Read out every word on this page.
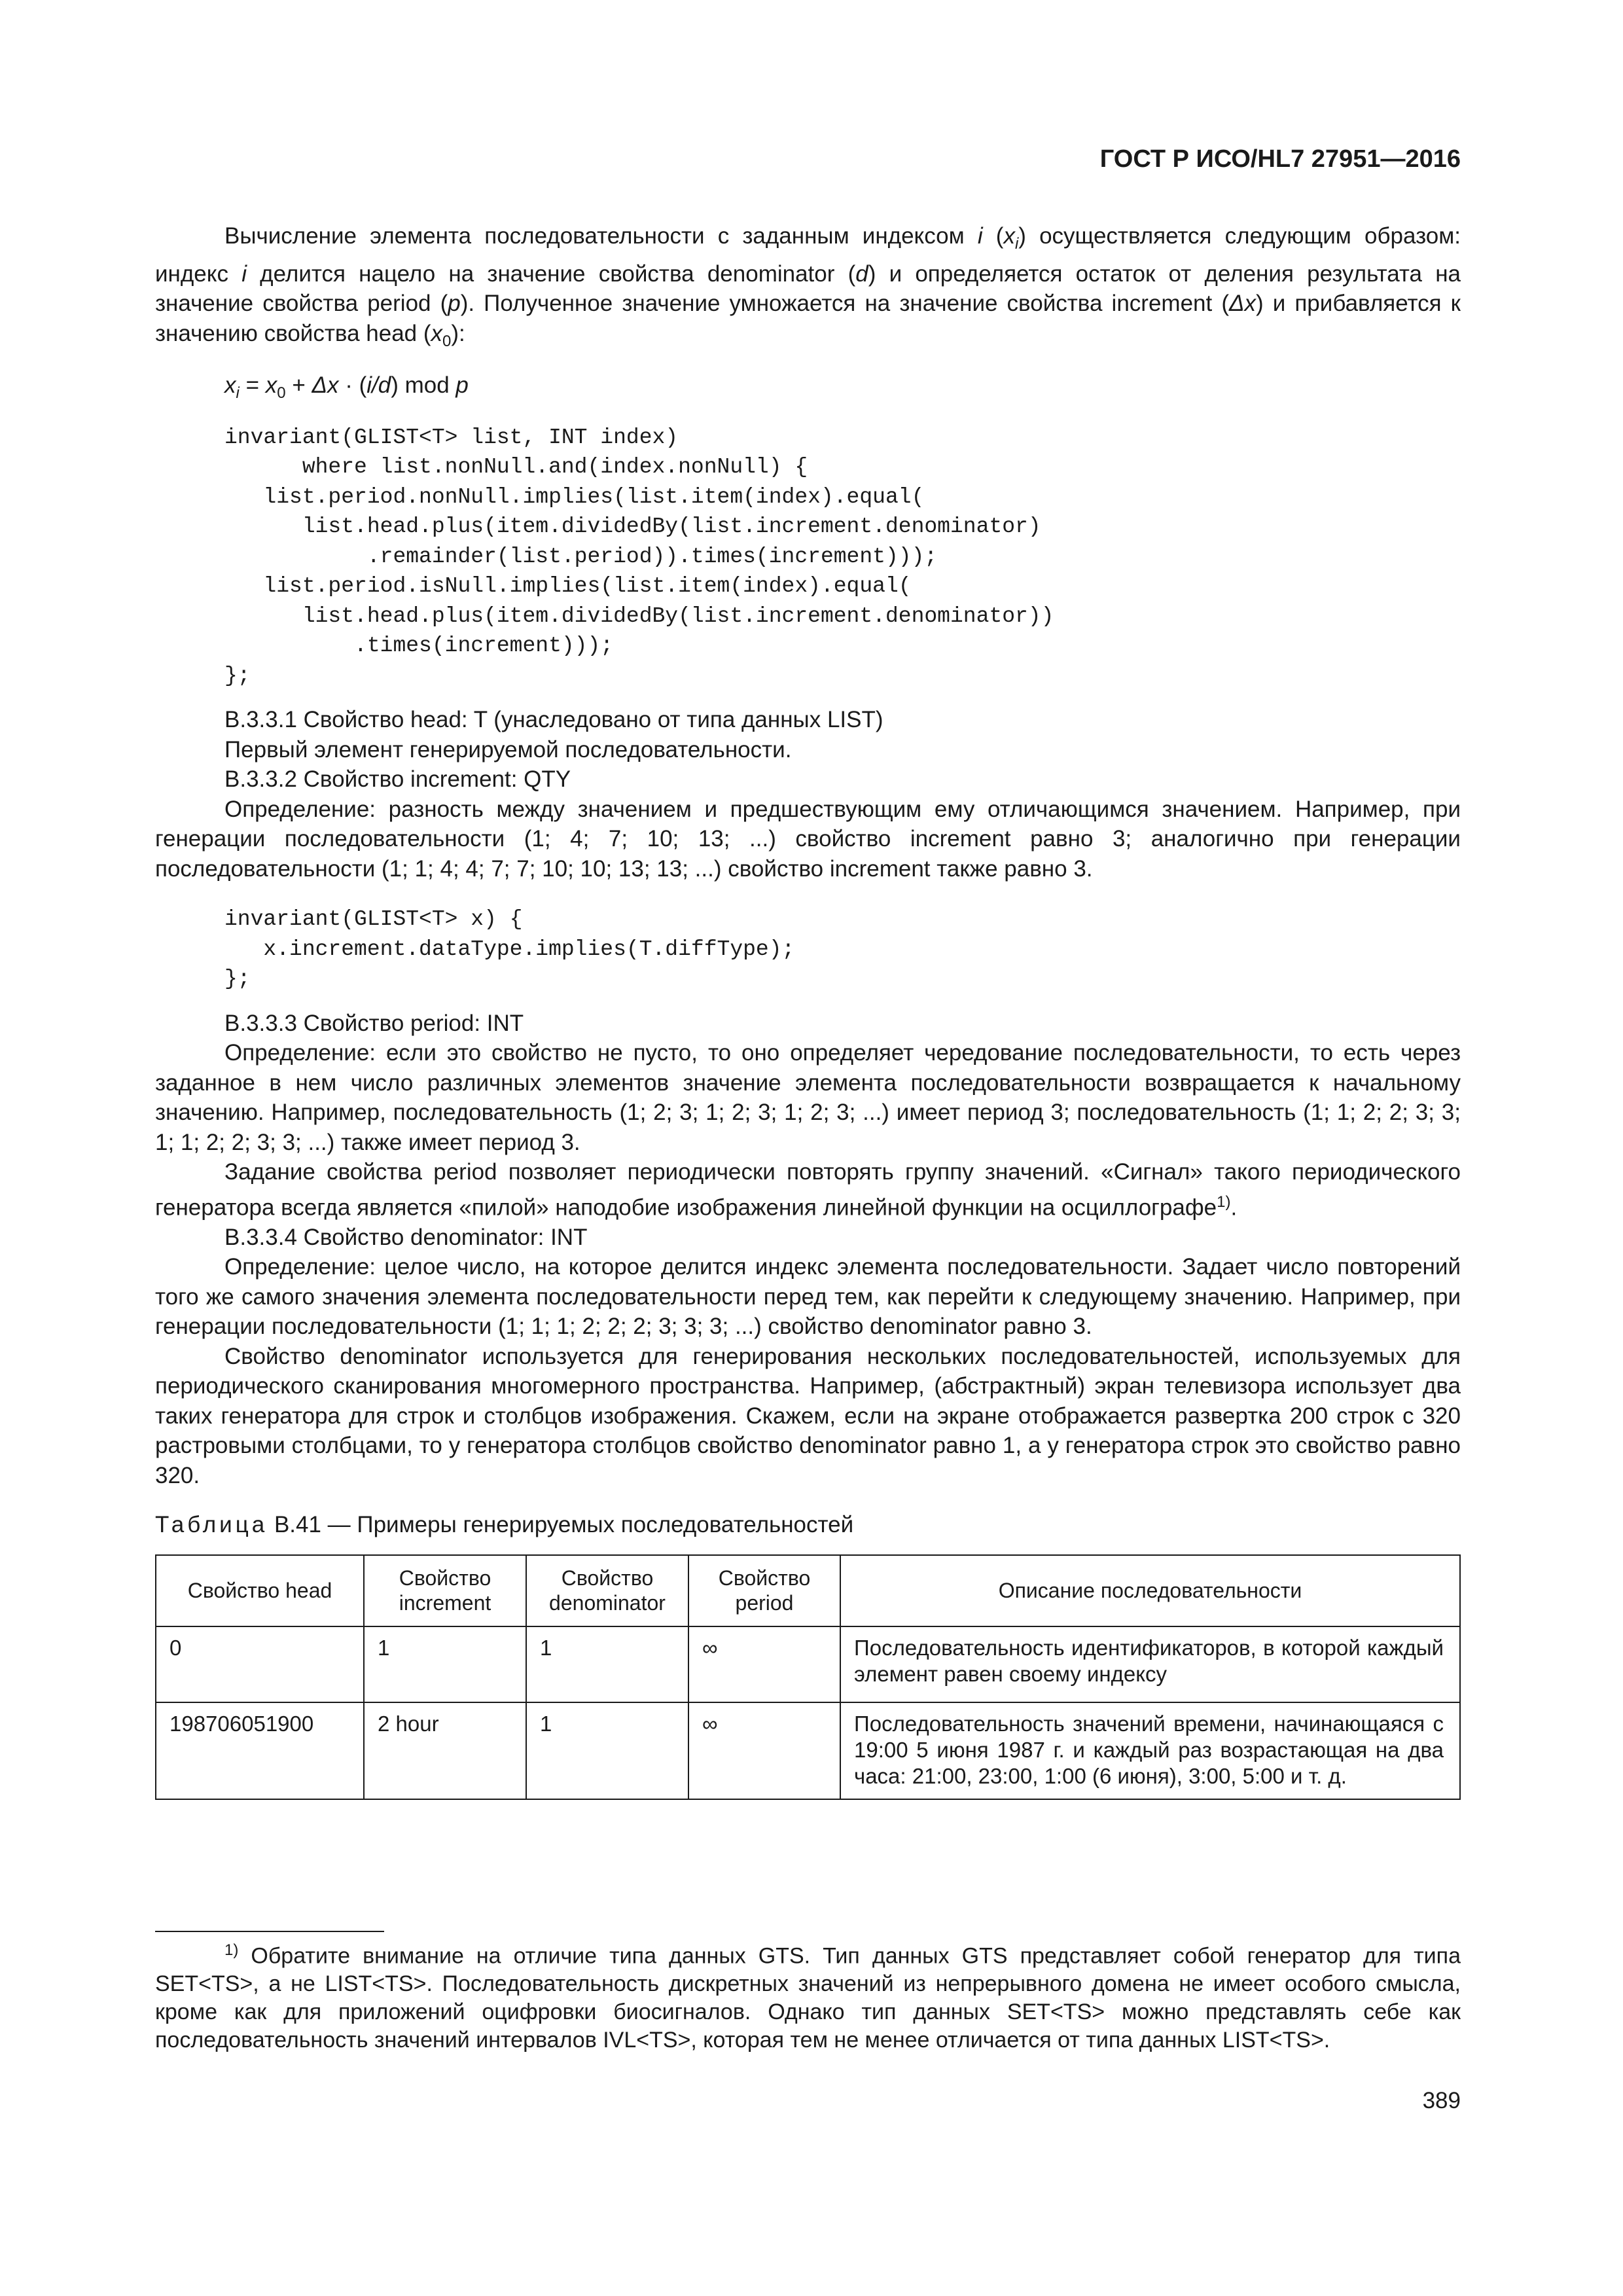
ГОСТ Р ИСО/HL7 27951—2016

Вычисление элемента последовательности с заданным индексом i $(x_i)$ осуществляется следующим образом: индекс i делится нацело на значение свойства denominator (d) и определяется остаток от деления результата на значение свойства period (p). Полученное значение умножается на значение свойства increment (Δx) и прибавляется к значению свойства head $(x_0)$:

$x_i = x_0 + \Delta x \cdot (i/d)$ mod p
invariant(GLIST<T> list, INT index)
where list.nonNull.and(index.nonNull) {
list.period.nonNull.implies(list.item(index).equal(
list.head.plus(item.dividedBy(list.increment.denominator)
.remainder(list.period)).times(increment)));
list.period.isNull.implies(list.item(index).equal(
list.head.plus(item.dividedBy(list.increment.denominator))
.times(increment)));
};

B.3.3.1 Свойство head: T (унаследовано от типа данных LIST)

Первый элемент генерируемой последовательности.

B.3.3.2 Свойство increment: QTY

Определение: разность между значением и предшествующим ему отличающимся значением. Например, при генерации последовательности (1; 4; 7; 10; 13; ...) свойство increment равно 3; аналогично при генерации последовательности (1; 1; 4; 4; 7; 7; 10; 10; 13; 13; ...) свойство increment также равно 3.

invariant(GLIST<T> x) {
x.increment.dataType.implies(T.diffType);
};

B.3.3.3 Свойство period: INT

Определение: если это свойство не пусто, то оно определяет чередование последовательности, то есть через заданное в нем число различных элементов значение элемента последовательности возвращается к начальному значению. Например, последовательность (1; 2; 3; 1; 2; 3; 1; 2; 3; ...) имеет период 3; последовательность (1; 1; 2; 2; 3; 3; 1; 1; 2; 2; 3; 3; ...) также имеет период 3.

Задание свойства period позволяет периодически повторять группу значений. «Сигнал» такого периодического генератора всегда является «пилой» наподобие изображения линейной функции на осциллографе$^{1)}$.

B.3.3.4 Свойство denominator: INT

Определение: целое число, на которое делится индекс элемента последовательности. Задает число повторений того же самого значения элемента последовательности перед тем, как перейти к следующему значению. Например, при генерации последовательности (1; 1; 1; 2; 2; 2; 3; 3; 3; ...) свойство denominator равно 3.

Свойство denominator используется для генерирования нескольких последовательностей, используемых для периодического сканирования многомерного пространства. Например, (абстрактный) экран телевизора использует два таких генератора для строк и столбцов изображения. Скажем, если на экране отображается развертка 200 строк с 320 растровыми столбцами, то у генератора столбцов свойство denominator равно 1, а у генератора строк это свойство равно 320.

Таблица B.41 — Примеры генерируемых последовательностей
Свойство head	Свойство increment	Свойство denominator	Свойство period	Описание последовательности
0	1	1	∞	Последовательность идентификаторов, в которой каждый элемент равен своему индексу
198706051900	2 hour	1	∞	Последовательность значений времени, начинающаяся с 19:00 5 июня 1987 г. и каждый раз возрастающая на два часа: 21:00, 23:00, 1:00 (6 июня), 3:00, 5:00 и т. д.

$^{1)}$ Обратите внимание на отличие типа данных GTS. Тип данных GTS представляет собой генератор для типа SET<TS>, а не LIST<TS>. Последовательность дискретных значений из непрерывного домена не имеет особого смысла, кроме как для приложений оцифровки биосигналов. Однако тип данных SET<TS> можно представлять себе как последовательность значений интервалов IVL<TS>, которая тем не менее отличается от типа данных LIST<TS>.

389
